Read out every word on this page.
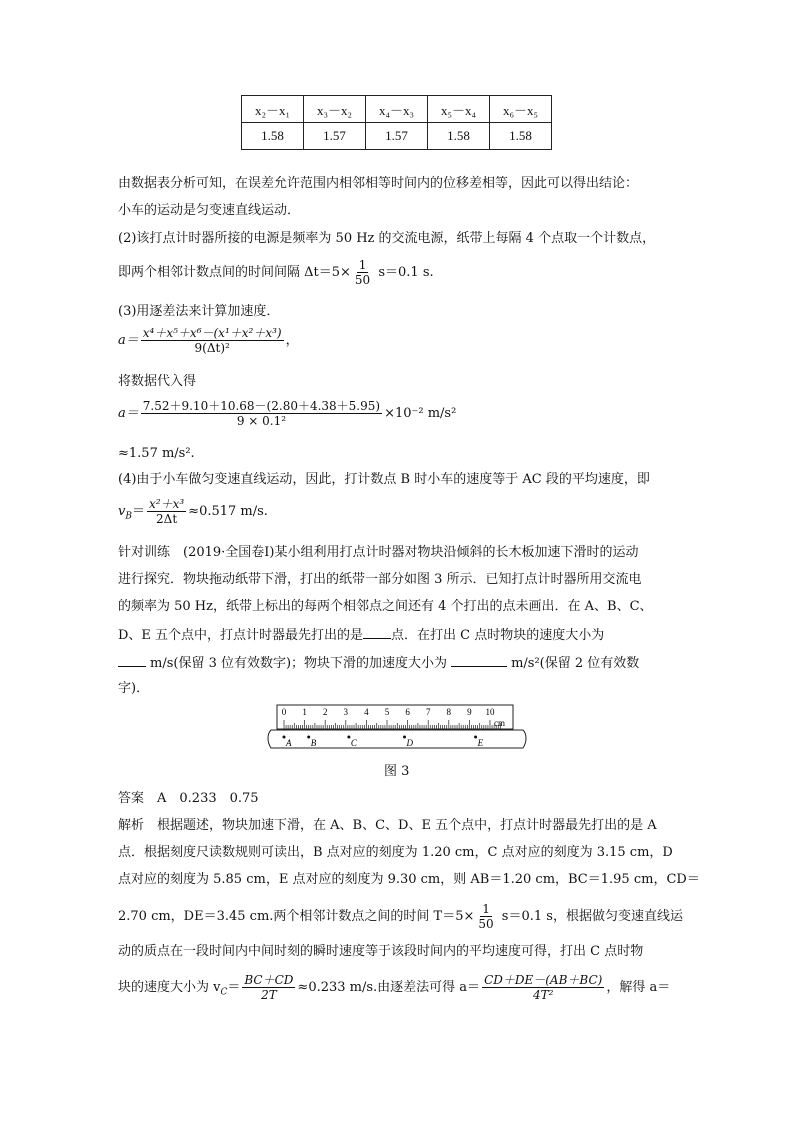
x₂－x₁	x₃－x₂	x₄－x₃	x₅－x₄	x₆－x₅
1.58	1.57	1.57	1.58	1.58
由数据表分析可知，在误差允许范围内相邻相等时间内的位移差相等，因此可以得出结论：
小车的运动是匀变速直线运动．
(2)该打点计时器所接的电源是频率为 50 Hz 的交流电源，纸带上每隔 4 个点取一个计数点，
即两个相邻计数点间的时间间隔 $\Delta t=5\times \frac{1}{50} s=0.1$ s.
(3)用逐差法来计算加速度．
$a= \frac{\text{x⁴＋x⁵＋x⁶－(x¹＋x²＋x³)}}{\text{9(Δt)²}}$ ，
将数据代入得
$a= \frac{7.52+9.10+10.68-(2.80+4.38+5.95)}{\text{9 × 0.1²}} \times 10^{-2}$ m/s²
≈1.57 m/s².
(4)由于小车做匀变速直线运动，因此，打计数点 B 时小车的速度等于 AC 段的平均速度，即
$v_B= \frac{\text{x²＋x³}}{2\Delta t} \approx 0.517$ m/s.
针对训练　(2019·全国卷Ⅰ)某小组利用打点计时器对物块沿倾斜的长木板加速下滑时的运动
进行探究．物块拖动纸带下滑，打出的纸带一部分如图 3 所示．已知打点计时器所用交流电
的频率为 50 Hz，纸带上标出的每两个相邻点之间还有 4 个打出的点未画出．在 A、B、C、
D、E 五个点中，打点计时器最先打出的是 点．在打出 C 点时物块的速度大小为
m/s(保留 3 位有效数字)；物块下滑的加速度大小为	m/s²(保留 2 位有效数
字)．
0 1 2 3 4 5 6 7 8 9 10
cm
A B	C	D	E
图 3
答案　A　0.233　0.75
解析　根据题述，物块加速下滑，在 A、B、C、D、E 五个点中，打点计时器最先打出的是 A
点．根据刻度尺读数规则可读出，B 点对应的刻度为 1.20 cm，C 点对应的刻度为 3.15 cm，D
点对应的刻度为 5.85 cm，E 点对应的刻度为 9.30 cm，则 AB＝1.20 cm，BC＝1.95 cm，CD＝
2.70 cm，DE＝3.45 cm.两个相邻计数点之间的时间 $T=5\times \frac{1}{50} s=0.1$ s，根据做匀变速直线运
动的质点在一段时间内中间时刻的瞬时速度等于该段时间内的平均速度可得，打出 C 点时物
块的速度大小为 $v_C= \frac{BC+CD}{2T} \approx 0.233$ m/s.由逐差法可得 $a= \frac{CD+DE-(AB+BC)}{\text{4T²}}$ ，解得 a＝
